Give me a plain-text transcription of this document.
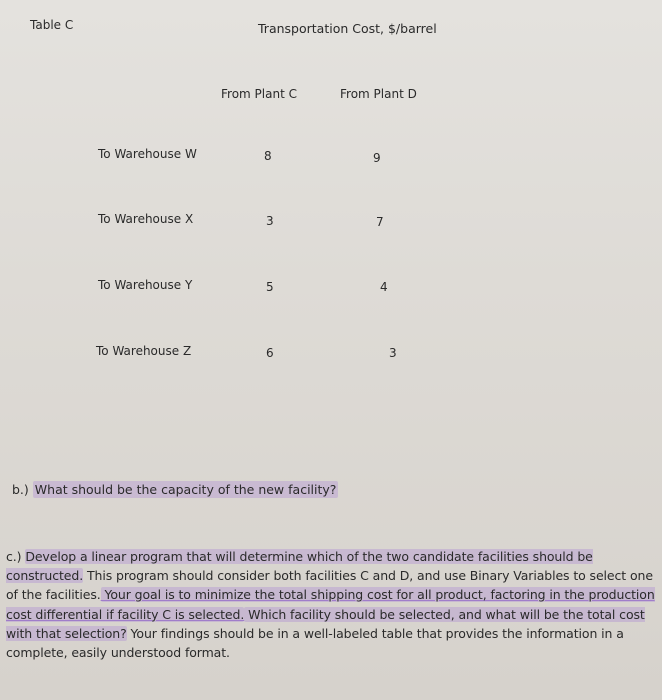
Table C	Transportation Cost, $/barrel
From Plant C	From Plant D
To Warehouse W	8	9
To Warehouse X	3	7
To Warehouse Y	5	4
To Warehouse Z	6	3
b.) What should be the capacity of the new facility?
c.) Develop a linear program that will determine which of the two candidate facilities should be constructed. This program should consider both facilities C and D, and use Binary Variables to select one of the facilities. Your goal is to minimize the total shipping cost for all product, factoring in the production cost differential if facility C is selected. Which facility should be selected, and what will be the total cost with that selection? Your findings should be in a well-labeled table that provides the information in a complete, easily understood format.
